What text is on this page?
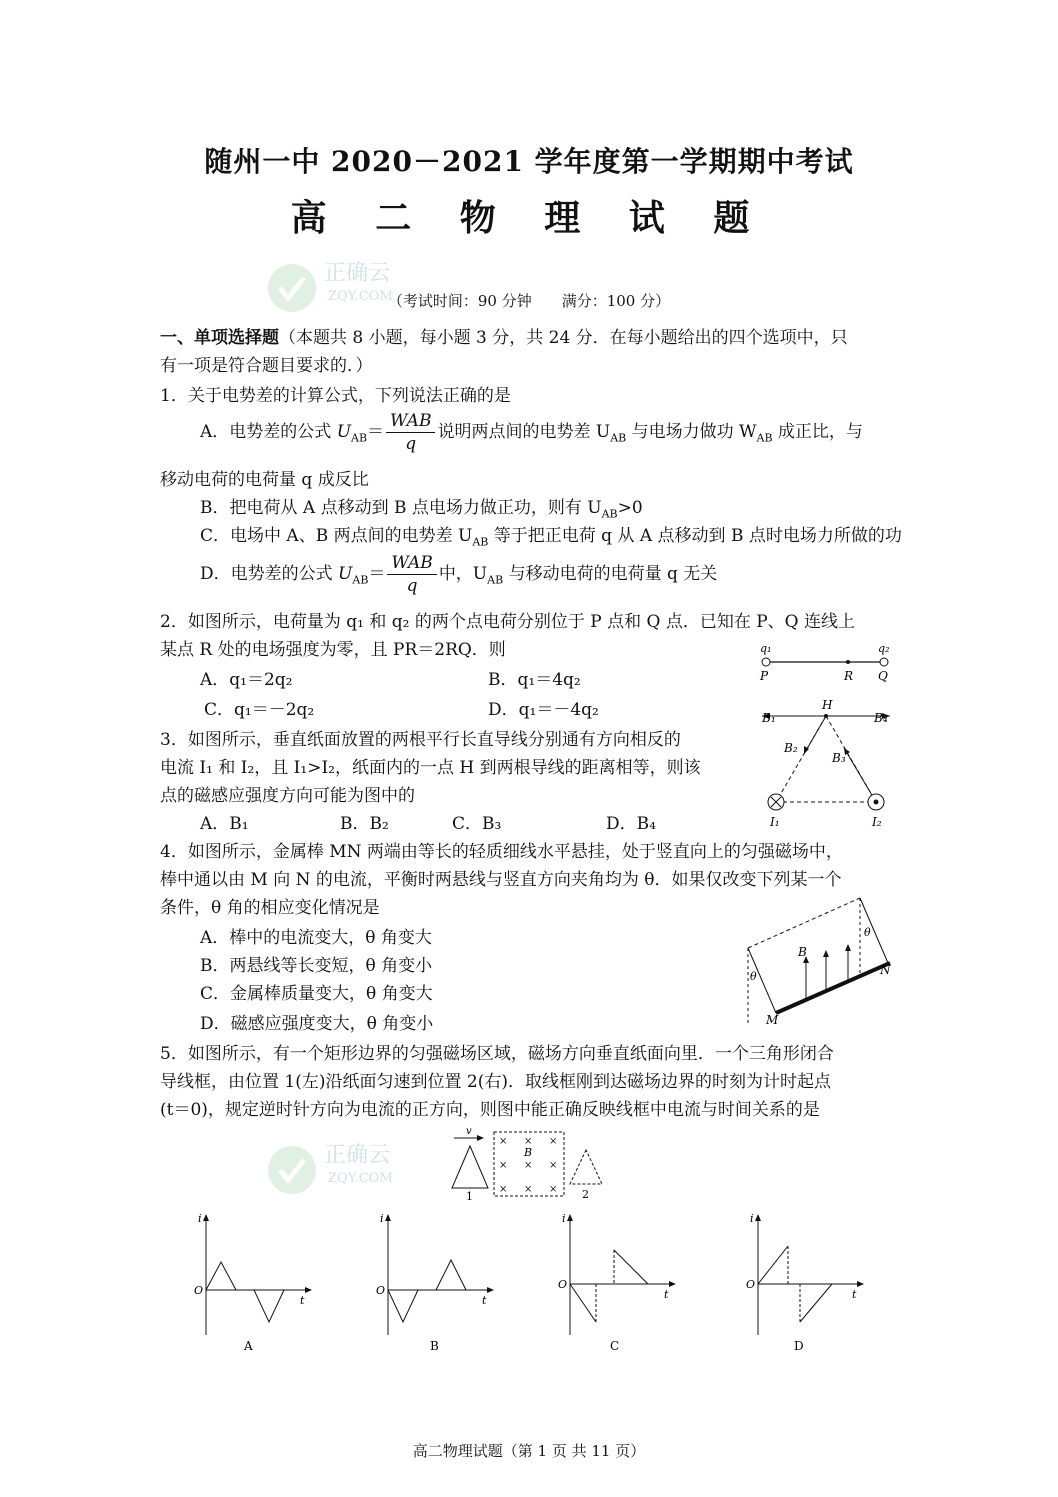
正确云
ZQY.COM
正确云
ZQY.COM
随州一中 2020－2021 学年度第一学期期中考试
高 二 物 理 试 题
（考试时间：90 分钟　　满分：100 分）
一、单项选择题（本题共 8 小题，每小题 3 分，共 24 分．在每小题给出的四个选项中，只
有一项是符合题目要求的．）
1．关于电势差的计算公式，下列说法正确的是
A．电势差的公式 $U_{AB}= \frac{\text{WAB}}{q}$ 说明两点间的电势差 $U_{AB}$ 与电场力做功 $W_{AB}$ 成正比，与
移动电荷的电荷量 q 成反比
B．把电荷从 A 点移动到 B 点电场力做正功，则有 $U_{AB}>0$
C．电场中 A、B 两点间的电势差 $U_{AB}$ 等于把正电荷 q 从 A 点移动到 B 点时电场力所做的功
D．电势差的公式 $U_{AB}= \frac{\text{WAB}}{q}$ 中，$U_{AB}$ 与移动电荷的电荷量 q 无关
2．如图所示，电荷量为 q₁ 和 q₂ 的两个点电荷分别位于 P 点和 Q 点．已知在 P、Q 连线上
某点 R 处的电场强度为零，且 PR＝2RQ．则
A．q₁＝2q₂	B．q₁＝4q₂
C．q₁＝－2q₂	D．q₁＝－4q₂
q₁	q₂
P	R Q
3．如图所示，垂直纸面放置的两根平行长直导线分别通有方向相反的
电流 I₁ 和 I₂，且 I₁>I₂，纸面内的一点 H 到两根导线的距离相等，则该
点的磁感应强度方向可能为图中的
A．B₁	B．B₂	C．B₃	D．B₄
H
B₁	B₄
B₂
B₃
I₁	I₂
4．如图所示，金属棒 MN 两端由等长的轻质细线水平悬挂，处于竖直向上的匀强磁场中，
棒中通以由 M 向 N 的电流，平衡时两悬线与竖直方向夹角均为 θ．如果仅改变下列某一个
条件，θ 角的相应变化情况是
A．棒中的电流变大，θ 角变大
B．两悬线等长变短，θ 角变小
C．金属棒质量变大，θ 角变大
D．磁感应强度变大，θ 角变小
B
θ
θ
M
N
5．如图所示，有一个矩形边界的匀强磁场区域，磁场方向垂直纸面向里．一个三角形闭合
导线框，由位置 1(左)沿纸面匀速到位置 2(右)．取线框刚到达磁场边界的时刻为计时起点
(t＝0)，规定逆时针方向为电流的正方向，则图中能正确反映线框中电流与时间关系的是
v
1
× × ×
× × ×
× × ×
B
2
i
O
t
A
i
O
t
B
i
O
t
C
i
O
t
D
高二物理试题（第 1 页 共 11 页）
